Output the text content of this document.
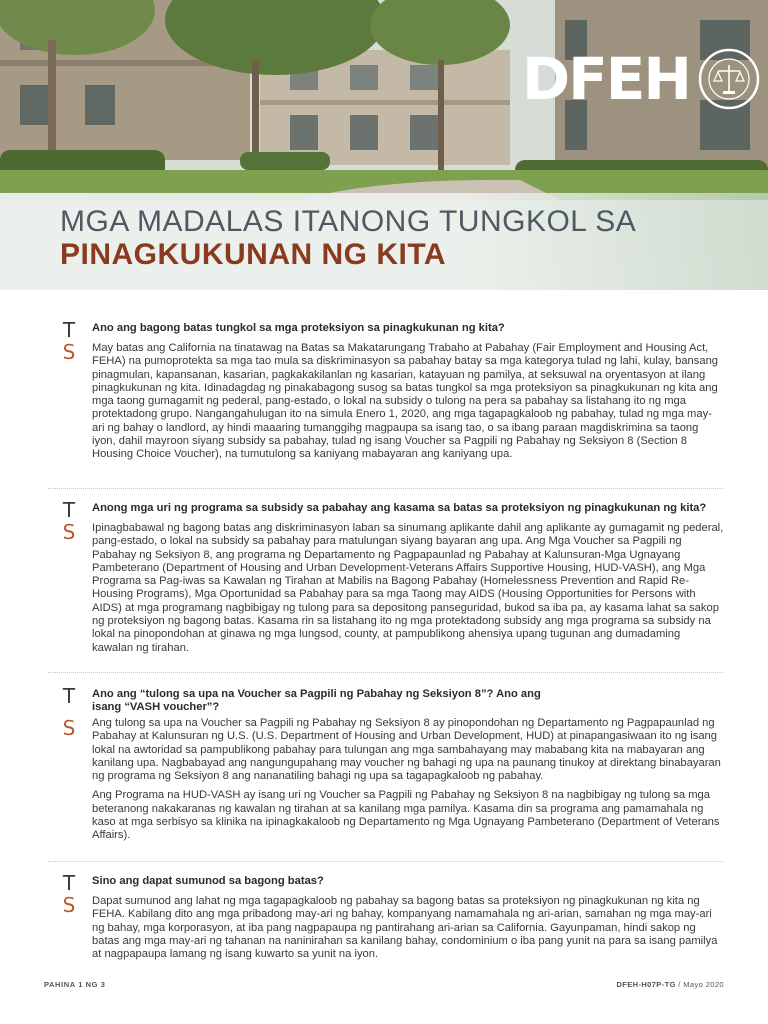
DFEH
MGA MADALAS ITANONG TUNGKOL SA
PINAGKUKUNAN NG KITA
T
S
Ano ang bagong batas tungkol sa mga proteksiyon sa pinagkukunan ng kita?

May batas ang California na tinatawag na Batas sa Makatarungang Trabaho at Pabahay (Fair Employment and Housing Act, FEHA) na pumoprotekta sa mga tao mula sa diskriminasyon sa pabahay batay sa mga kategorya tulad ng lahi, kulay, bansang pinagmulan, kapansanan, kasarian, pagkakakilanlan ng kasarian, katayuan ng pamilya, at seksuwal na oryentasyon at ilang pinagkukunan ng kita. Idinadagdag ng pinakabagong susog sa batas tungkol sa mga proteksiyon sa pinagkukunan ng kita ang mga taong gumagamit ng pederal, pang-estado, o lokal na subsidy o tulong na pera sa pabahay sa listahang ito ng mga protektadong grupo. Nangangahulugan ito na simula Enero 1, 2020, ang mga tagapagkaloob ng pabahay, tulad ng mga may-ari ng bahay o landlord, ay hindi maaaring tumanggihg magpaupa sa isang tao, o sa ibang paraan magdiskrimina sa taong iyon, dahil mayroon siyang subsidy sa pabahay, tulad ng isang Voucher sa Pagpili ng Pabahay ng Seksiyon 8 (Section 8 Housing Choice Voucher), na tumutulong sa kaniyang mabayaran ang kaniyang upa.

T
S
Anong mga uri ng programa sa subsidy sa pabahay ang kasama sa batas sa proteksiyon ng pinagkukunan ng kita?

Ipinagbabawal ng bagong batas ang diskriminasyon laban sa sinumang aplikante dahil ang aplikante ay gumagamit ng pederal, pang-estado, o lokal na subsidy sa pabahay para matulungan siyang bayaran ang upa. Ang Mga Voucher sa Pagpili ng Pabahay ng Seksiyon 8, ang programa ng Departamento ng Pagpapaunlad ng Pabahay at Kalunsuran-Mga Ugnayang Pambeterano (Department of Housing and Urban Development-Veterans Affairs Supportive Housing, HUD-VASH), ang Mga Programa sa Pag-iwas sa Kawalan ng Tirahan at Mabilis na Bagong Pabahay (Homelessness Prevention and Rapid Re-Housing Programs), Mga Oportunidad sa Pabahay para sa mga Taong may AIDS (Housing Opportunities for Persons with AIDS) at mga programang nagbibigay ng tulong para sa depositong panseguridad, bukod sa iba pa, ay kasama lahat sa sakop ng proteksiyon ng bagong batas. Kasama rin sa listahang ito ng mga protektadong subsidy ang mga programa sa subsidy na lokal na pinopondohan at ginawa ng mga lungsod, county, at pampublikong ahensiya upang tugunan ang dumadaming kawalan ng tirahan.

T
S
Ano ang “tulong sa upa na Voucher sa Pagpili ng Pabahay ng Seksiyon 8”? Ano ang isang “VASH voucher”?

Ang tulong sa upa na Voucher sa Pagpili ng Pabahay ng Seksiyon 8 ay pinopondohan ng Departamento ng Pagpapaunlad ng Pabahay at Kalunsuran ng U.S. (U.S. Department of Housing and Urban Development, HUD) at pinapangasiwaan ito ng isang lokal na awtoridad sa pampublikong pabahay para tulungan ang mga sambahayang may mababang kita na mabayaran ang kanilang upa. Nagbabayad ang nangungupahang may voucher ng bahagi ng upa na paunang tinukoy at direktang binabayaran ng programa ng Seksiyon 8 ang nananatiling bahagi ng upa sa tagapagkaloob ng pabahay.

Ang Programa na HUD-VASH ay isang uri ng Voucher sa Pagpili ng Pabahay ng Seksiyon 8 na nagbibigay ng tulong sa mga beteranong nakakaranas ng kawalan ng tirahan at sa kanilang mga pamilya. Kasama din sa programa ang pamamahala ng kaso at mga serbisyo sa klinika na ipinagkakaloob ng Departamento ng Mga Ugnayang Pambeterano (Department of Veterans Affairs).

T
S
Sino ang dapat sumunod sa bagong batas?

Dapat sumunod ang lahat ng mga tagapagkaloob ng pabahay sa bagong batas sa proteksiyon ng pinagkukunan ng kita ng FEHA. Kabilang dito ang mga pribadong may-ari ng bahay, kompanyang namamahala ng ari-arian, samahan ng mga may-ari ng bahay, mga korporasyon, at iba pang nagpapaupa ng pantirahang ari-arian sa California. Gayunpaman, hindi sakop ng batas ang mga may-ari ng tahanan na naninirahan sa kanilang bahay, condominium o iba pang yunit na para sa isang pamilya at nagpapaupa lamang ng isang kuwarto sa yunit na iyon.

PAHINA 1 NG 3	DFEH-H07P-TG / Mayo 2020
